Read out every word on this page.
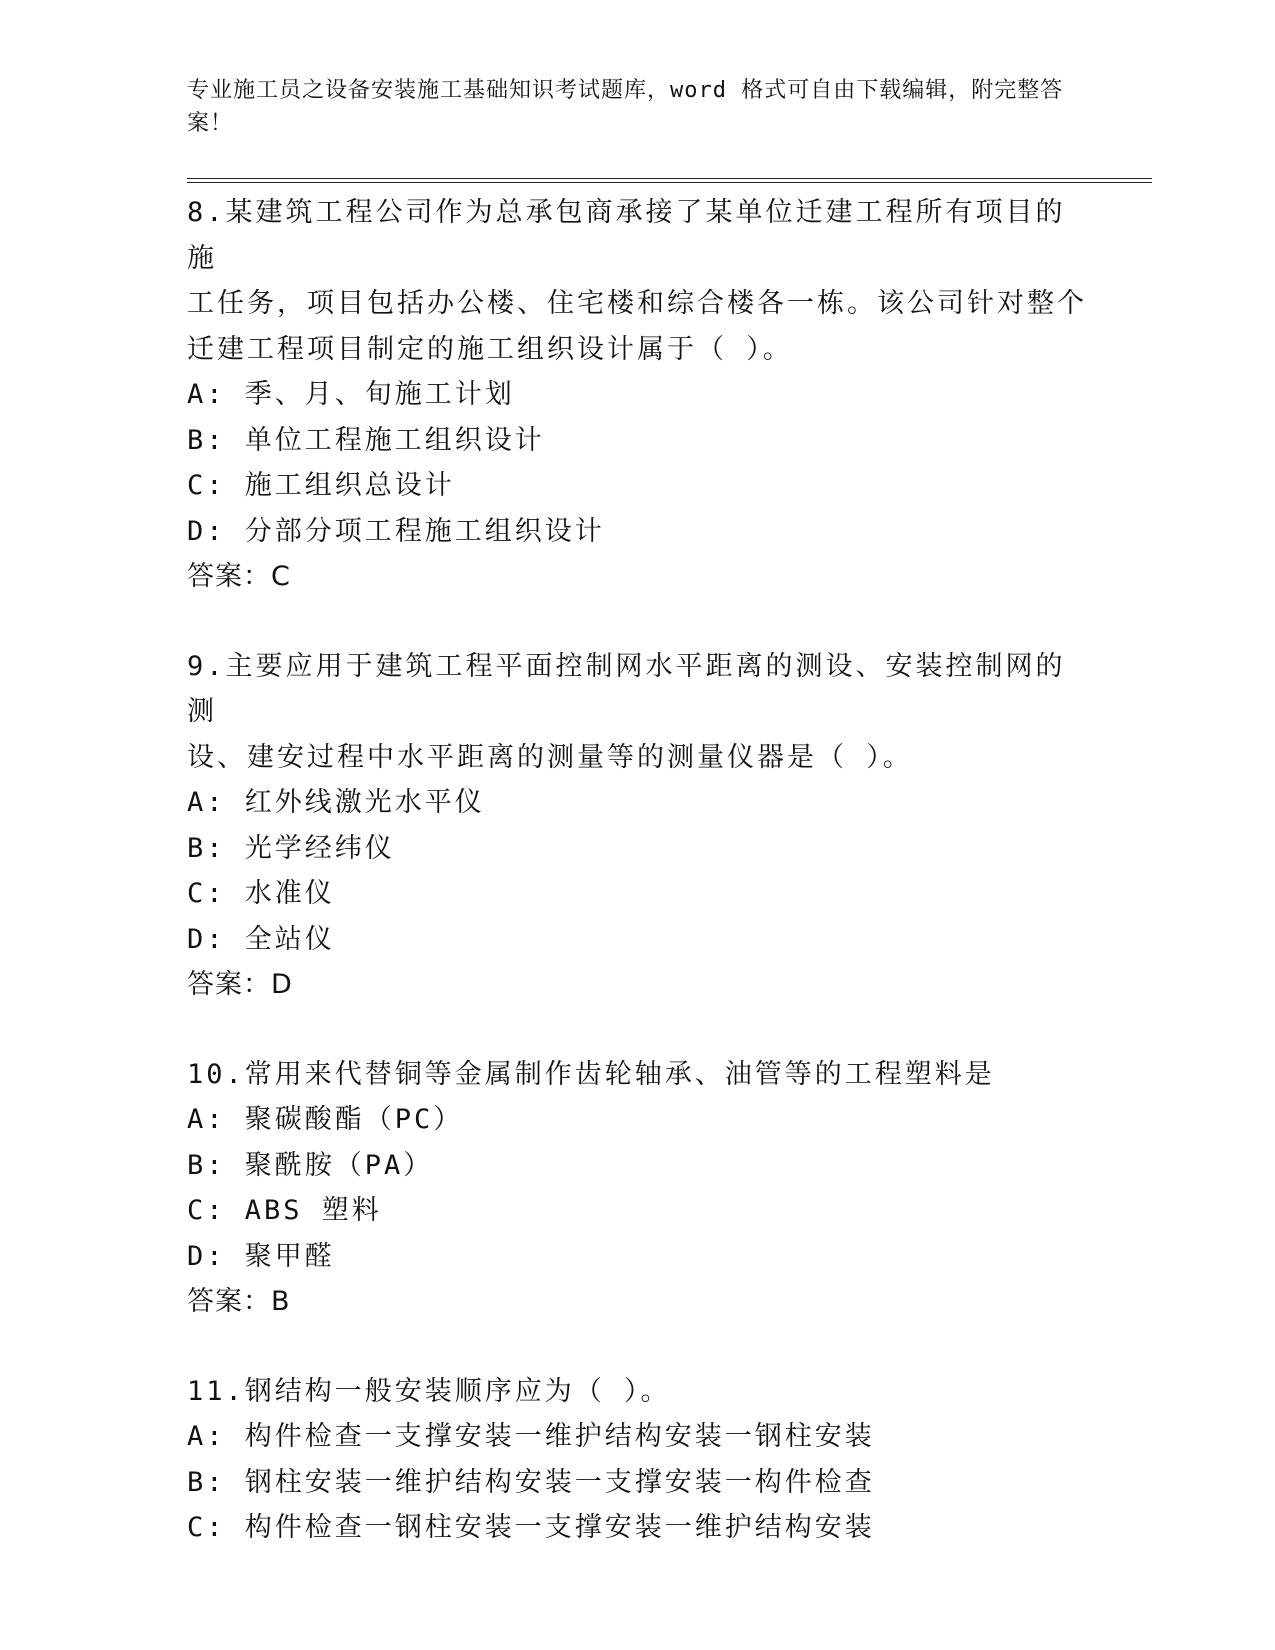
专业施工员之设备安装施工基础知识考试题库，word 格式可自由下载编辑，附完整答案！

8.某建筑工程公司作为总承包商承接了某单位迁建工程所有项目的施

工任务，项目包括办公楼、住宅楼和综合楼各一栋。该公司针对整个

迁建工程项目制定的施工组织设计属于（ ）。

A: 季、月、旬施工计划

B: 单位工程施工组织设计

C: 施工组织总设计

D: 分部分项工程施工组织设计

答案：C

9.主要应用于建筑工程平面控制网水平距离的测设、安装控制网的测

设、建安过程中水平距离的测量等的测量仪器是（ ）。

A: 红外线激光水平仪

B: 光学经纬仪

C: 水准仪

D: 全站仪

答案：D

10.常用来代替铜等金属制作齿轮轴承、油管等的工程塑料是

A: 聚碳酸酯（PC）

B: 聚酰胺（PA）

C: ABS 塑料

D: 聚甲醛

答案：B

11.钢结构一般安装顺序应为（ ）。

A: 构件检查一支撑安装一维护结构安装一钢柱安装

B: 钢柱安装一维护结构安装一支撑安装一构件检查

C: 构件检查一钢柱安装一支撑安装一维护结构安装
